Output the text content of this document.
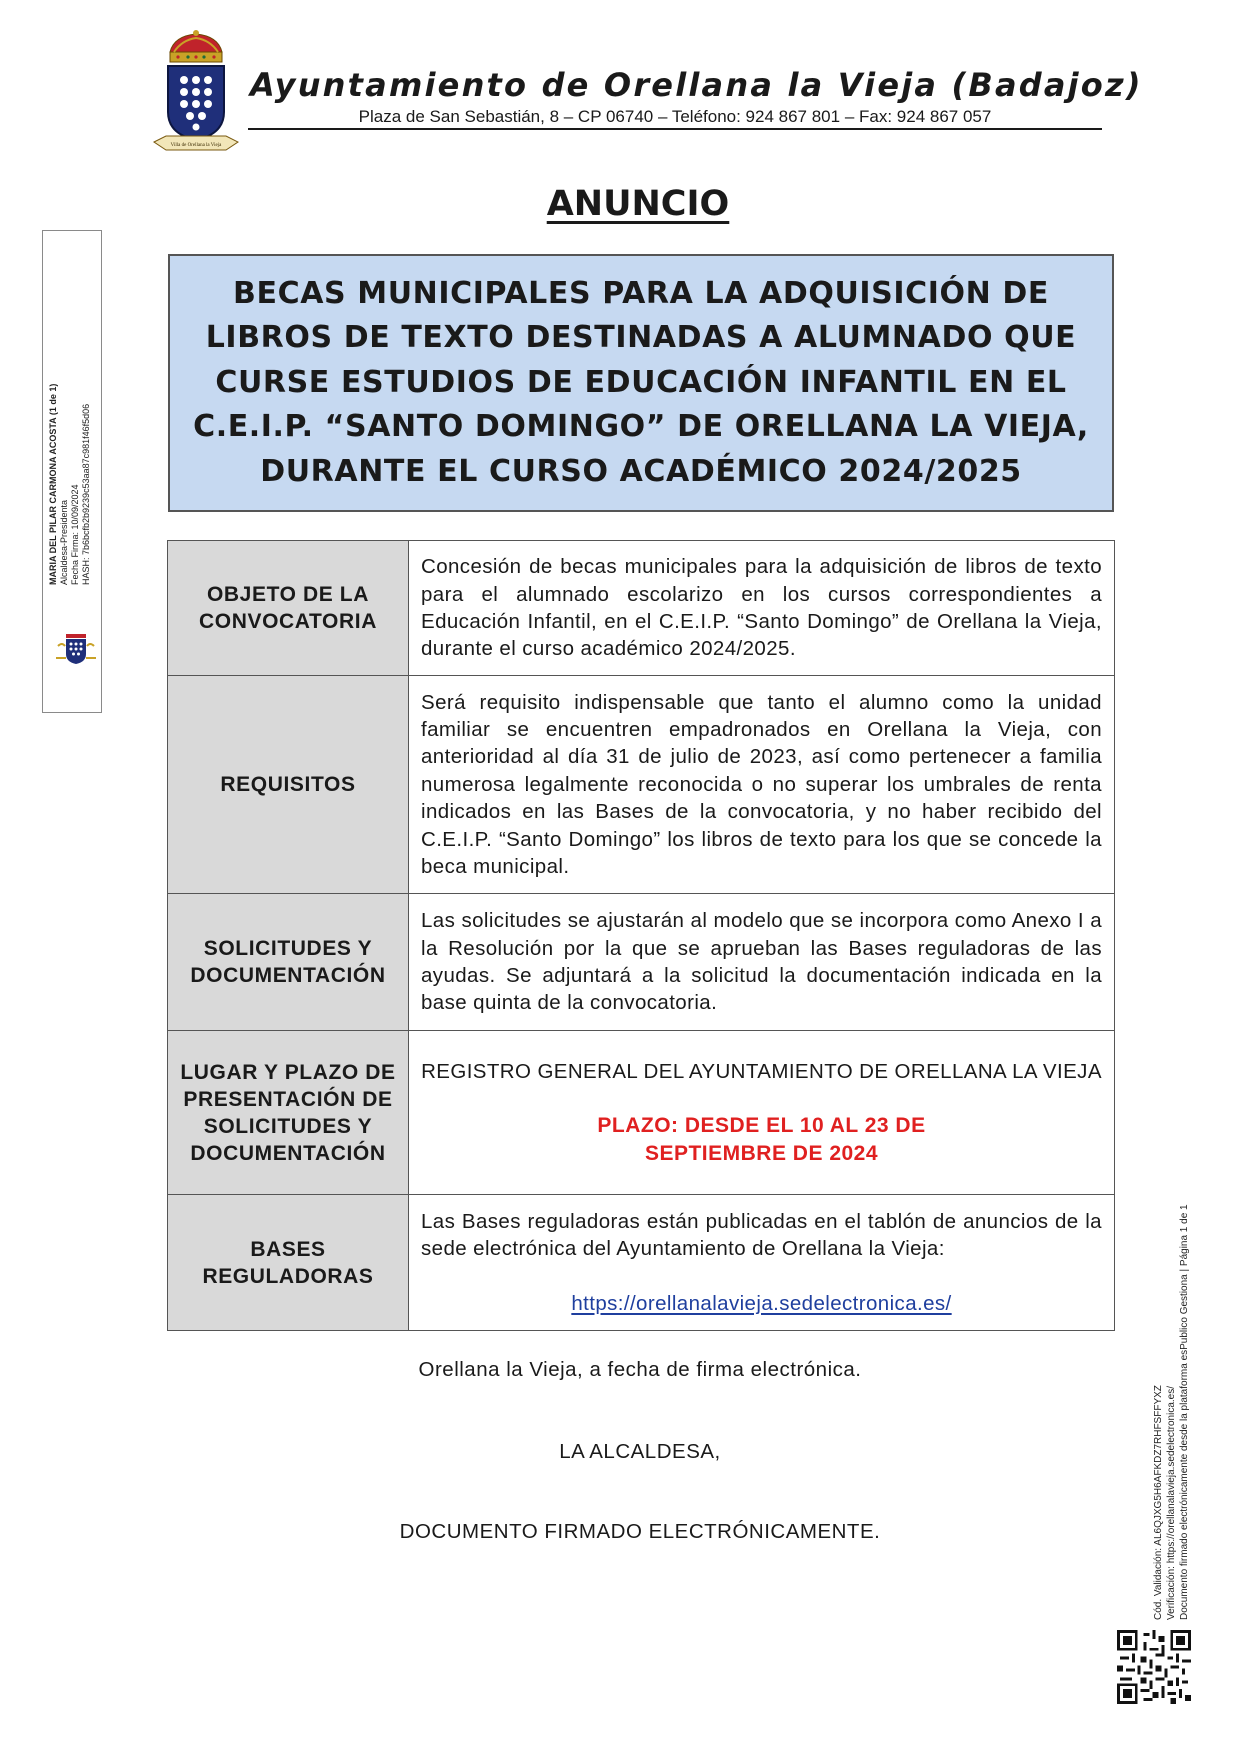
Villa de Orellana la Vieja
Ayuntamiento de Orellana la Vieja (Badajoz)
Plaza de San Sebastián, 8 – CP 06740 – Teléfono: 924 867 801 – Fax: 924 867 057
MARIA DEL PILAR CARMONA ACOSTA (1 de 1) Alcaldesa-Presidenta Fecha Firma: 10/09/2024 HASH: 7b6bcfb2b9239c53aa87c981f46f5d06
Cód. Validación: AL6QJXG5H6AFKDZ7RHFSFFYXZ Verificación: https://orellanalavieja.sedelectronica.es/ Documento firmado electrónicamente desde la plataforma esPublico Gestiona | Página 1 de 1
ANUNCIO

BECAS MUNICIPALES PARA LA ADQUISICIÓN DE
LIBROS DE TEXTO DESTINADAS A ALUMNADO QUE
CURSE ESTUDIOS DE EDUCACIÓN INFANTIL EN EL
C.E.I.P. “SANTO DOMINGO” DE ORELLANA LA VIEJA,
DURANTE EL CURSO ACADÉMICO 2024/2025

OBJETO DE LA CONVOCATORIA	Concesión de becas municipales para la adquisición de libros de texto para el alumnado escolarizo en los cursos correspondientes a Educación Infantil, en el C.E.I.P. “Santo Domingo” de Orellana la Vieja, durante el curso académico 2024/2025.
REQUISITOS	Será requisito indispensable que tanto el alumno como la unidad familiar se encuentren empadronados en Orellana la Vieja, con anterioridad al día 31 de julio de 2023, así como pertenecer a familia numerosa legalmente reconocida o no superar los umbrales de renta indicados en las Bases de la convocatoria, y no haber recibido del C.E.I.P. “Santo Domingo” los libros de texto para los que se concede la beca municipal.
SOLICITUDES Y DOCUMENTACIÓN	Las solicitudes se ajustarán al modelo que se incorpora como Anexo I a la Resolución por la que se aprueban las Bases reguladoras de las ayudas. Se adjuntará a la solicitud la documentación indicada en la base quinta de la convocatoria.
LUGAR Y PLAZO DE PRESENTACIÓN DE SOLICITUDES Y DOCUMENTACIÓN	REGISTRO GENERAL DEL AYUNTAMIENTO DE ORELLANA LA VIEJA
PLAZO: DESDE EL 10 AL 23 DE
SEPTIEMBRE DE 2024

BASES REGULADORAS	Las Bases reguladoras están publicadas en el tablón de anuncios de la sede electrónica del Ayuntamiento de Orellana la Vieja:
https://orellanalavieja.sedelectronica.es/
Orellana la Vieja, a fecha de firma electrónica.
LA ALCALDESA,
DOCUMENTO FIRMADO ELECTRÓNICAMENTE.
